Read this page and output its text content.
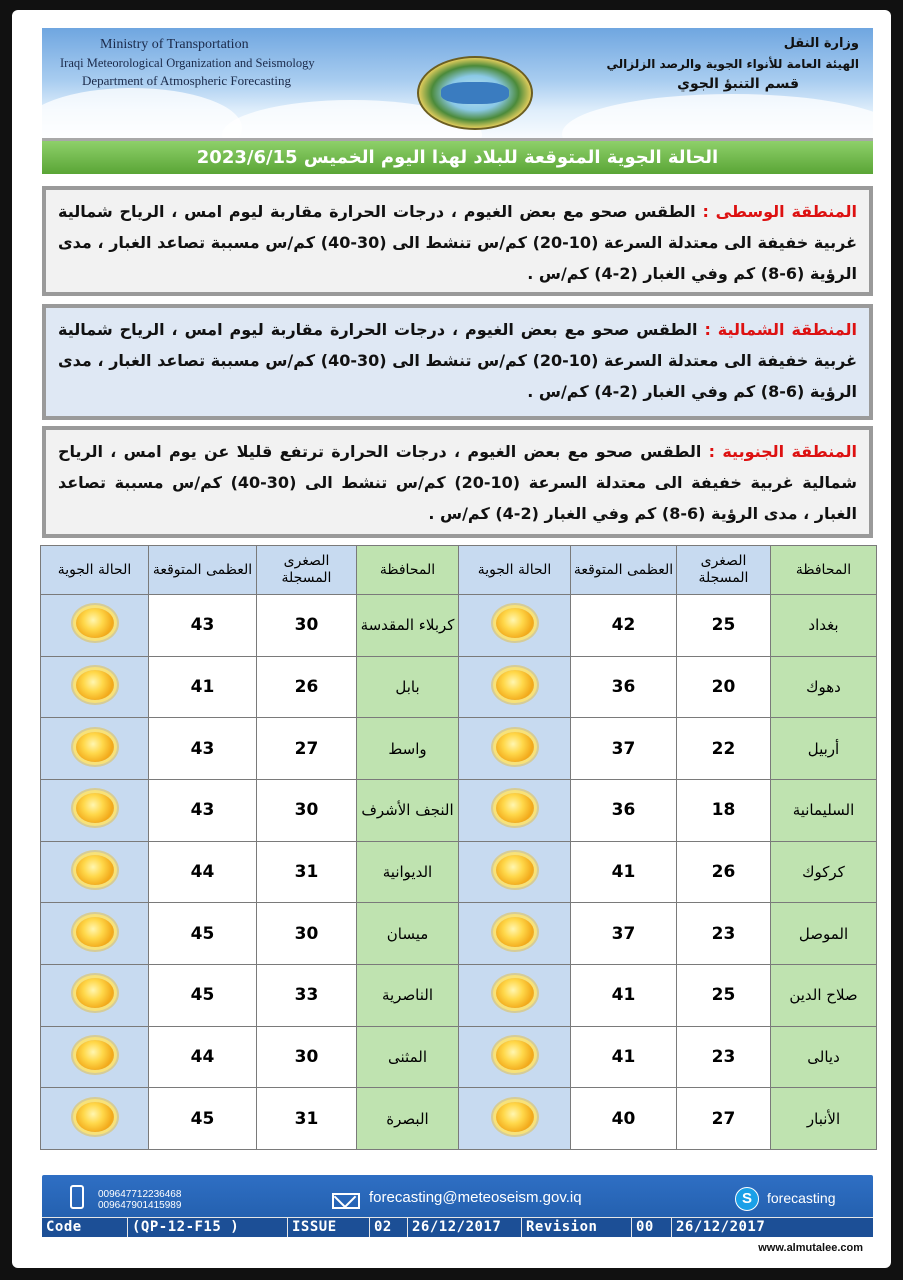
Ministry of Transportation
Iraqi Meteorological Organization and Seismology
Department of Atmospheric Forecasting
وزارة النقل
الهيئة العامة للأنواء الجوية والرصد الزلزالي
قسم التنبؤ الجوي
الحالة الجوية المتوقعة للبلاد لهذا اليوم الخميس 2023/6/15
المنطقة الوسطى : الطقس صحو مع بعض الغيوم ، درجات الحرارة مقاربة ليوم امس ، الرياح شمالية غربية خفيفة الى معتدلة السرعة (10-20) كم/س تنشط الى (30-40) كم/س مسببة تصاعد الغبار ، مدى الرؤية (6-8) كم وفي الغبار (2-4) كم/س .
المنطقة الشمالية : الطقس صحو مع بعض الغيوم ، درجات الحرارة مقاربة ليوم امس ، الرياح شمالية غربية خفيفة الى معتدلة السرعة (10-20) كم/س تنشط الى (30-40) كم/س مسببة تصاعد الغبار ، مدى الرؤية (6-8) كم وفي الغبار (2-4) كم/س .
المنطقة الجنوبية : الطقس صحو مع بعض الغيوم ، درجات الحرارة ترتفع قليلا عن يوم امس ، الرياح شمالية غربية خفيفة الى معتدلة السرعة (10-20) كم/س تنشط الى (30-40) كم/س مسببة تصاعد الغبار ، مدى الرؤية (6-8) كم وفي الغبار (2-4) كم/س .
المحافظة	الصغرى المسجلة	العظمى المتوقعة	الحالة الجوية	المحافظة	الصغرى المسجلة	العظمى المتوقعة	الحالة الجوية
بغداد	25	42		كربلاء المقدسة	30	43	
دهوك	20	36		بابل	26	41	
أربيل	22	37		واسط	27	43	
السليمانية	18	36		النجف الأشرف	30	43	
كركوك	26	41		الديوانية	31	44	
الموصل	23	37		ميسان	30	45	
صلاح الدين	25	41		الناصرية	33	45	
ديالى	23	41		المثنى	30	44	
الأنبار	27	40		البصرة	31	45	
009647712236468
009647901415989	forecasting@meteoseism.gov.iq	S	forecasting
Code	(QP-12-F15 )	ISSUE	02	26/12/2017	Revision	00	26/12/2017
www.almutalee.com
